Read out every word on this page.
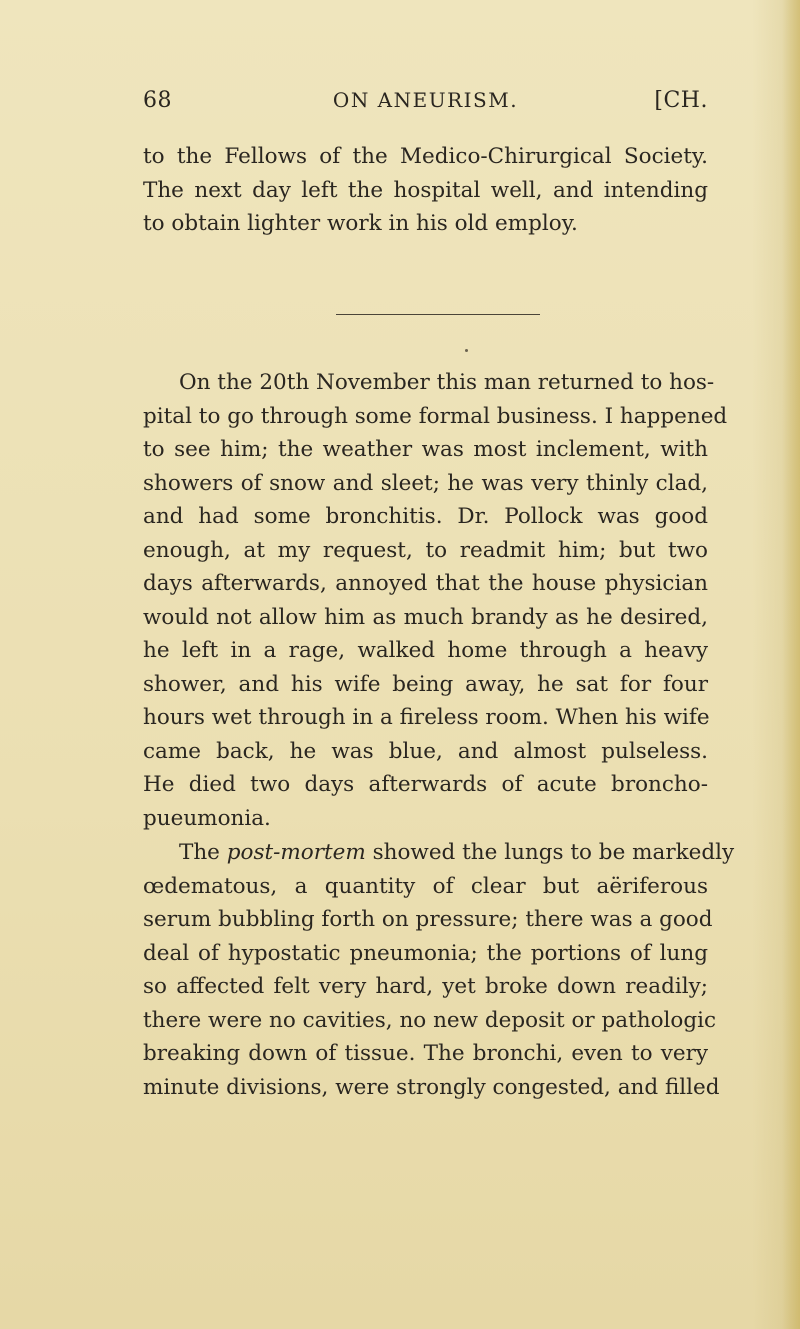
68	ON ANEURISM.	[CH.
to the Fellows of the Medico-Chirurgical Society.
The next day left the hospital well, and intending
to obtain lighter work in his old employ.
On the 20th November this man returned to hos-
pital to go through some formal business. I happened
to see him; the weather was most inclement, with
showers of snow and sleet; he was very thinly clad,
and had some bronchitis. Dr. Pollock was good
enough, at my request, to readmit him; but two
days afterwards, annoyed that the house physician
would not allow him as much brandy as he desired,
he left in a rage, walked home through a heavy
shower, and his wife being away, he sat for four
hours wet through in a fireless room. When his wife
came back, he was blue, and almost pulseless.
He died two days afterwards of acute broncho-
pueumonia.
The post-mortem showed the lungs to be markedly
œdematous, a quantity of clear but aëriferous
serum bubbling forth on pressure; there was a good
deal of hypostatic pneumonia; the portions of lung
so affected felt very hard, yet broke down readily;
there were no cavities, no new deposit or pathologic
breaking down of tissue. The bronchi, even to very
minute divisions, were strongly congested, and filled
